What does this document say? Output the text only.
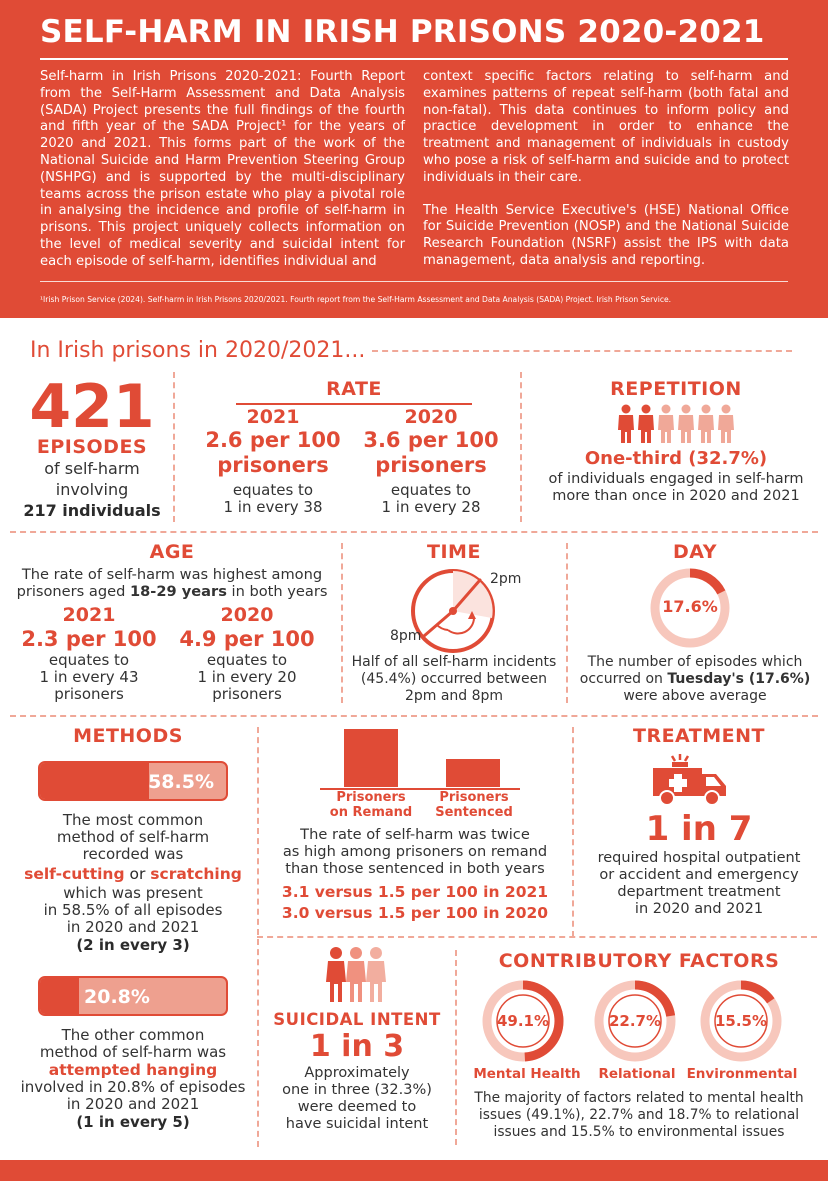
SELF-HARM IN IRISH PRISONS 2020-2021

Self-harm in Irish Prisons 2020-2021: Fourth Report from the Self-Harm Assessment and Data Analysis (SADA) Project presents the full findings of the fourth and fifth year of the SADA Project¹ for the years of 2020 and 2021. This forms part of the work of the National Suicide and Harm Prevention Steering Group (NSHPG) and is supported by the multi-disciplinary teams across the prison estate who play a pivotal role in analysing the incidence and profile of self-harm in prisons. This project uniquely collects information on the level of medical severity and suicidal intent for each episode of self-harm, identifies individual and

context specific factors relating to self-harm and examines patterns of repeat self-harm (both fatal and non-fatal). This data continues to inform policy and practice development in order to enhance the treatment and management of individuals in custody who pose a risk of self-harm and suicide and to protect individuals in their care.

The Health Service Executive's (HSE) National Office for Suicide Prevention (NOSP) and the National Suicide Research Foundation (NSRF) assist the IPS with data management, data analysis and reporting.

¹Irish Prison Service (2024). Self-harm in Irish Prisons 2020/2021. Fourth report from the Self-Harm Assessment and Data Analysis (SADA) Project. Irish Prison Service.
In Irish prisons in 2020/2021...
421
EPISODES
of self-harm
involving
217 individuals
RATE
2021
2.6 per 100
prisoners
equates to
1 in every 38
2020
3.6 per 100
prisoners
equates to
1 in every 28
REPETITION
One-third (32.7%)
of individuals engaged in self-harm
more than once in 2020 and 2021
AGE
The rate of self-harm was highest among
prisoners aged 18-29 years in both years
2021
2.3 per 100
equates to
1 in every 43
prisoners
2020
4.9 per 100
equates to
1 in every 20
prisoners
TIME
2pm
8pm
Half of all self-harm incidents
(45.4%) occurred between
2pm and 8pm
DAY
17.6%
The number of episodes which
occurred on Tuesday's (17.6%)
were above average
METHODS
58.5%
The most common
method of self-harm
recorded was
self-cutting or scratching
which was present
in 58.5% of all episodes
in 2020 and 2021
(2 in every 3)
20.8%
The other common
method of self-harm was
attempted hanging
involved in 20.8% of episodes
in 2020 and 2021
(1 in every 5)
Prisoners
on Remand
Prisoners
Sentenced
The rate of self-harm was twice
as high among prisoners on remand
than those sentenced in both years
3.1 versus 1.5 per 100 in 2021
3.0 versus 1.5 per 100 in 2020
TREATMENT
1 in 7
required hospital outpatient
or accident and emergency
department treatment
in 2020 and 2021
SUICIDAL INTENT
1 in 3
Approximately
one in three (32.3%)
were deemed to
have suicidal intent
CONTRIBUTORY FACTORS
49.1%	22.7%	15.5%
Mental Health	Relational Environmental
The majority of factors related to mental health
issues (49.1%), 22.7% and 18.7% to relational
issues and 15.5% to environmental issues
